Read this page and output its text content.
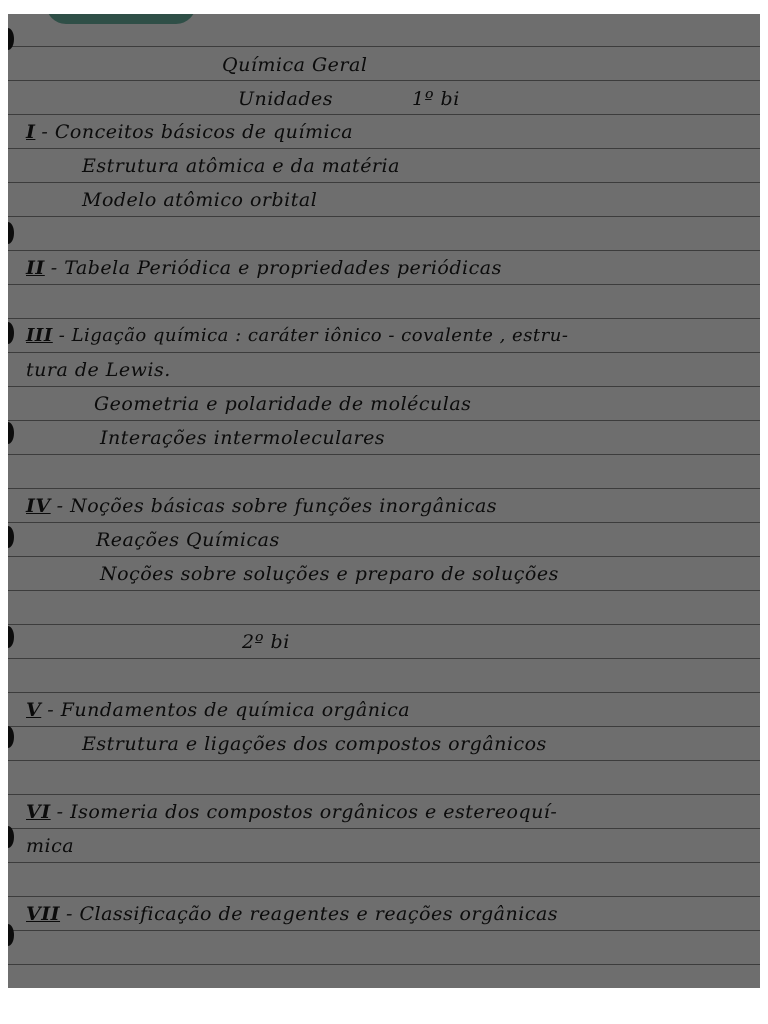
Química Geral
Unidades	1º bi
I - Conceitos básicos de química
Estrutura atômica e da matéria
Modelo atômico orbital
II - Tabela Periódica e propriedades periódicas
III - Ligação química : caráter iônico - covalente , estru-
tura de Lewis.
Geometria e polaridade de moléculas
Interações intermoleculares
IV - Noções básicas sobre funções inorgânicas
Reações Químicas
Noções sobre soluções e preparo de soluções
2º bi
V - Fundamentos de química orgânica
Estrutura e ligações dos compostos orgânicos
VI - Isomeria dos compostos orgânicos e estereoquí-
mica
VII - Classificação de reagentes e reações orgânicas
